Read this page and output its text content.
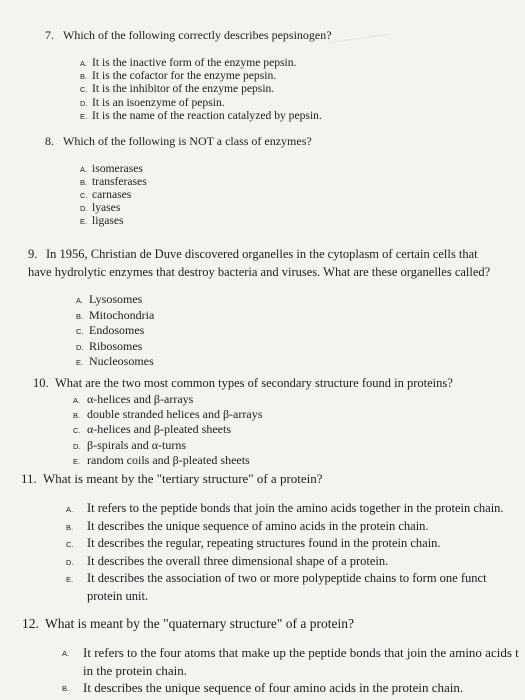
7. Which of the following correctly describes pepsinogen?
A. It is the inactive form of the enzyme pepsin.
B. It is the cofactor for the enzyme pepsin.
C. It is the inhibitor of the enzyme pepsin.
D. It is an isoenzyme of pepsin.
E. It is the name of the reaction catalyzed by pepsin.
8. Which of the following is NOT a class of enzymes?
A. isomerases
B. transferases
C. carnases
D. lyases
E. ligases
9. In 1956, Christian de Duve discovered organelles in the cytoplasm of certain cells that have hydrolytic enzymes that destroy bacteria and viruses. What are these organelles called?
A. Lysosomes
B. Mitochondria
C. Endosomes
D. Ribosomes
E. Nucleosomes
10. What are the two most common types of secondary structure found in proteins?
A. α-helices and β-arrays
B. double stranded helices and β-arrays
C. α-helices and β-pleated sheets
D. β-spirals and α-turns
E. random coils and β-pleated sheets
11. What is meant by the "tertiary structure" of a protein?
A. It refers to the peptide bonds that join the amino acids together in the protein chain.
B. It describes the unique sequence of amino acids in the protein chain.
C. It describes the regular, repeating structures found in the protein chain.
D. It describes the overall three dimensional shape of a protein.
E. It describes the association of two or more polypeptide chains to form one funct
protein unit.
12. What is meant by the "quaternary structure" of a protein?
A. It refers to the four atoms that make up the peptide bonds that join the amino acids t
in the protein chain.
B. It describes the unique sequence of four amino acids in the protein chain.
